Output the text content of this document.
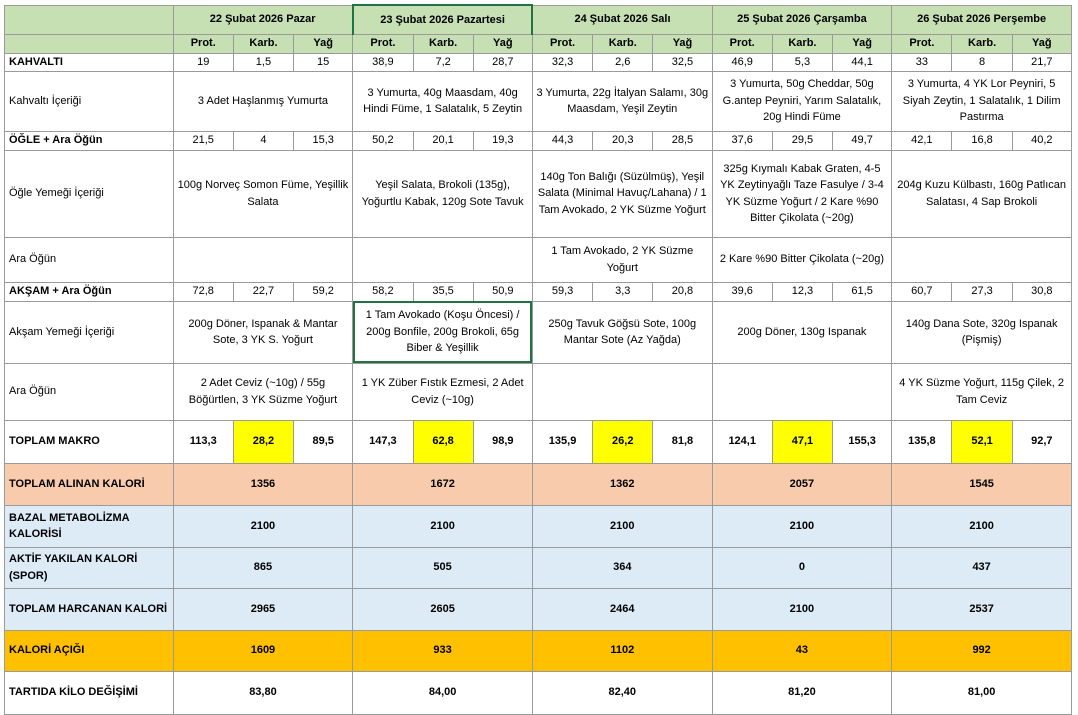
	22 Şubat 2026 Pazar			23 Şubat 2026 Pazartesi			24 Şubat 2026 Salı			25 Şubat 2026 Çarşamba			26 Şubat 2026 Perşembe		
	Prot.	Karb.	Yağ	Prot.	Karb.	Yağ	Prot.	Karb.	Yağ	Prot.	Karb.	Yağ	Prot.	Karb.	Yağ
KAHVALTI	19	1,5	15	38,9	7,2	28,7	32,3	2,6	32,5	46,9	5,3	44,1	33	8	21,7
Kahvaltı İçeriği	3 Adet Haşlanmış Yumurta			3 Yumurta, 40g Maasdam, 40g Hindi Füme, 1 Salatalık, 5 Zeytin			3 Yumurta, 22g İtalyan Salamı, 30g Maasdam, Yeşil Zeytin			3 Yumurta, 50g Cheddar, 50g G.antep Peyniri, Yarım Salatalık, 20g Hindi Füme			3 Yumurta, 4 YK Lor Peyniri, 5 Siyah Zeytin, 1 Salatalık, 1 Dilim Pastırma		
ÖĞLE + Ara Öğün	21,5	4	15,3	50,2	20,1	19,3	44,3	20,3	28,5	37,6	29,5	49,7	42,1	16,8	40,2
Öğle Yemeği İçeriği	100g Norveç Somon Füme, Yeşillik Salata			Yeşil Salata, Brokoli (135g), Yoğurtlu Kabak, 120g Sote Tavuk			140g Ton Balığı (Süzülmüş), Yeşil Salata (Minimal Havuç/Lahana) / 1 Tam Avokado, 2 YK Süzme Yoğurt			325g Kıymalı Kabak Graten, 4-5 YK Zeytinyağlı Taze Fasulye / 3-4 YK Süzme Yoğurt / 2 Kare %90 Bitter Çikolata (~20g)			204g Kuzu Külbastı, 160g Patlıcan Salatası, 4 Sap Brokoli		
Ara Öğün							1 Tam Avokado, 2 YK Süzme Yoğurt			2 Kare %90 Bitter Çikolata (~20g)					
AKŞAM + Ara Öğün	72,8	22,7	59,2	58,2	35,5	50,9	59,3	3,3	20,8	39,6	12,3	61,5	60,7	27,3	30,8
Akşam Yemeği İçeriği	200g Döner, Ispanak & Mantar Sote, 3 YK S. Yoğurt			1 Tam Avokado (Koşu Öncesi) / 200g Bonfile, 200g Brokoli, 65g Biber & Yeşillik			250g Tavuk Göğsü Sote, 100g Mantar Sote (Az Yağda)			200g Döner, 130g Ispanak			140g Dana Sote, 320g Ispanak (Pişmiş)		
Ara Öğün	2 Adet Ceviz (~10g) / 55g Böğürtlen, 3 YK Süzme Yoğurt			1 YK Züber Fıstık Ezmesi, 2 Adet Ceviz (~10g)									4 YK Süzme Yoğurt, 115g Çilek, 2 Tam Ceviz		
TOPLAM MAKRO	113,3	28,2	89,5	147,3	62,8	98,9	135,9	26,2	81,8	124,1	47,1	155,3	135,8	52,1	92,7
TOPLAM ALINAN KALORİ	1356			1672			1362			2057			1545		
BAZAL METABOLİZMA KALORİSİ	2100			2100			2100			2100			2100		
AKTİF YAKILAN KALORİ (SPOR)	865			505			364			0			437		
TOPLAM HARCANAN KALORİ	2965			2605			2464			2100			2537		
KALORİ AÇIĞI	1609			933			1102			43			992		
TARTIDA KİLO DEĞİŞİMİ	83,80			84,00			82,40			81,20			81,00		
